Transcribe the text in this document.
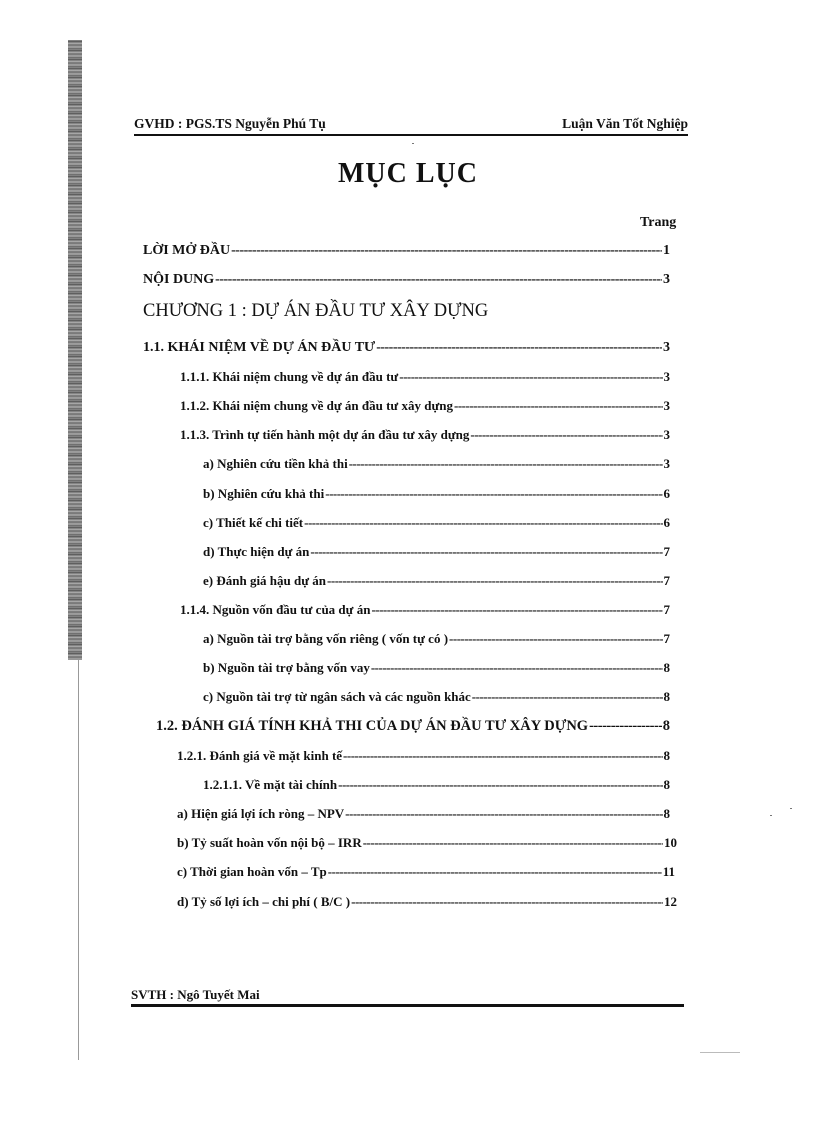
GVHD : PGS.TS Nguyễn Phú Tụ	Luận Văn Tốt Nghiệp
MỤC LỤC
Trang
LỜI MỞ ĐẦU -----	1
NỘI DUNG -----	3
CHƯƠNG 1 : DỰ ÁN ĐẦU TƯ XÂY DỰNG
1.1. KHÁI NIỆM VỀ DỰ ÁN ĐẦU TƯ -----	3
1.1.1. Khái niệm chung về dự án đầu tư -----	3
1.1.2. Khái niệm chung về dự án đầu tư xây dựng -----	3
1.1.3. Trình tự tiến hành một dự án đầu tư xây dựng -----	3
a) Nghiên cứu tiền khả thi -----	3
b) Nghiên cứu khả thi -----	6
c) Thiết kế chi tiết -----	6
d) Thực hiện dự án -----	7
e) Đánh giá hậu dự án -----	7
1.1.4. Nguồn vốn đầu tư của dự án -----	7
a) Nguồn tài trợ bằng vốn riêng ( vốn tự có ) -----	7
b) Nguồn tài trợ bằng vốn vay -----	8
c) Nguồn tài trợ từ ngân sách và các nguồn khác -----	8
1.2. ĐÁNH GIÁ TÍNH KHẢ THI CỦA DỰ ÁN ĐẦU TƯ XÂY DỰNG -----	8
1.2.1. Đánh giá về mặt kinh tế -----	8
1.2.1.1. Về mặt tài chính -----	8
a) Hiện giá lợi ích ròng – NPV -----	8
b) Tỷ suất hoàn vốn nội bộ – IRR -----	10
c) Thời gian hoàn vốn – Tp -----	11
d) Tỷ số lợi ích – chi phí ( B/C ) -----	12
SVTH : Ngô Tuyết Mai
